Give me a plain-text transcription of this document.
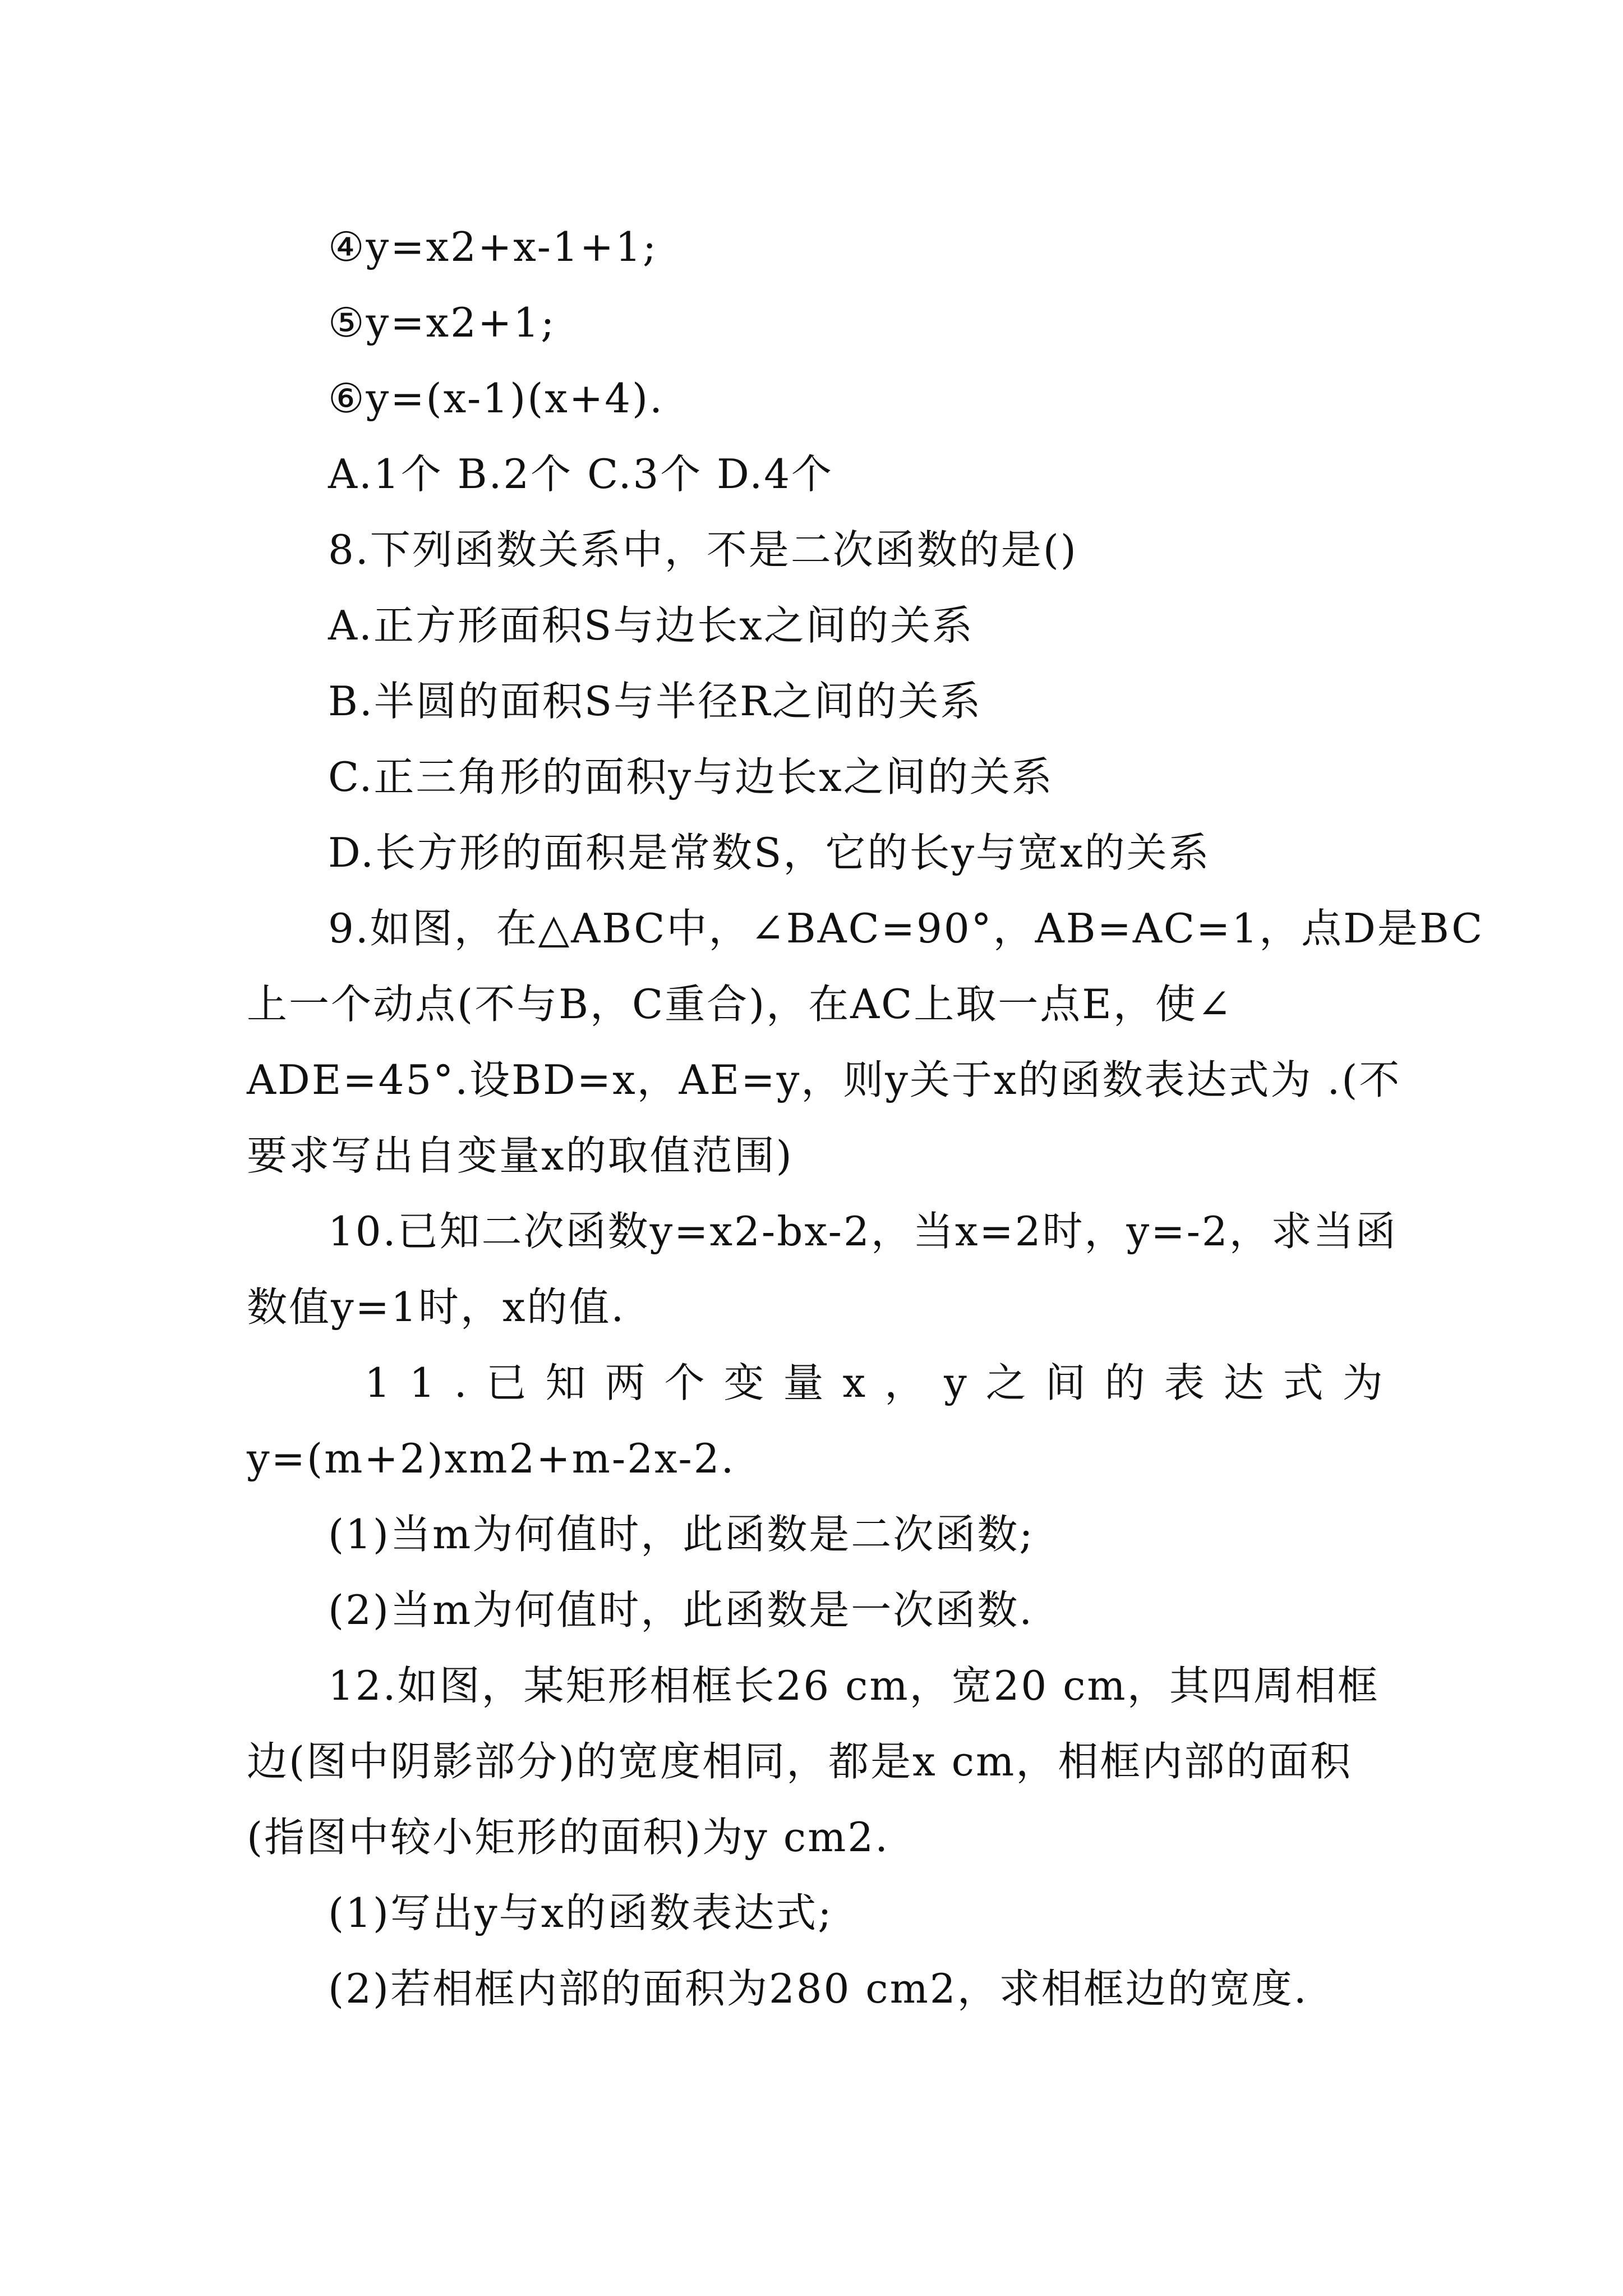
④y=x2+x-1+1;
⑤y=x2+1;
⑥y=(x-1)(x+4).
A.1个 B.2个 C.3个 D.4个
8.下列函数关系中，不是二次函数的是()
A.正方形面积S与边长x之间的关系
B.半圆的面积S与半径R之间的关系
C.正三角形的面积y与边长x之间的关系
D.长方形的面积是常数S，它的长y与宽x的关系
9.如图，在△ABC中，∠BAC=90°，AB=AC=1，点D是BC
上一个动点(不与B，C重合)，在AC上取一点E，使∠
ADE=45°.设BD=x，AE=y，则y关于x的函数表达式为 .(不
要求写出自变量x的取值范围)
10.已知二次函数y=x2-bx-2，当x=2时，y=-2，求当函
数值y=1时，x的值.
11.已知两个变量x，y之间的表达式为
y=(m+2)xm2+m-2x-2.
(1)当m为何值时，此函数是二次函数;
(2)当m为何值时，此函数是一次函数.
12.如图，某矩形相框长26 cm，宽20 cm，其四周相框
边(图中阴影部分)的宽度相同，都是x cm，相框内部的面积
(指图中较小矩形的面积)为y cm2.
(1)写出y与x的函数表达式;
(2)若相框内部的面积为280 cm2，求相框边的宽度.
